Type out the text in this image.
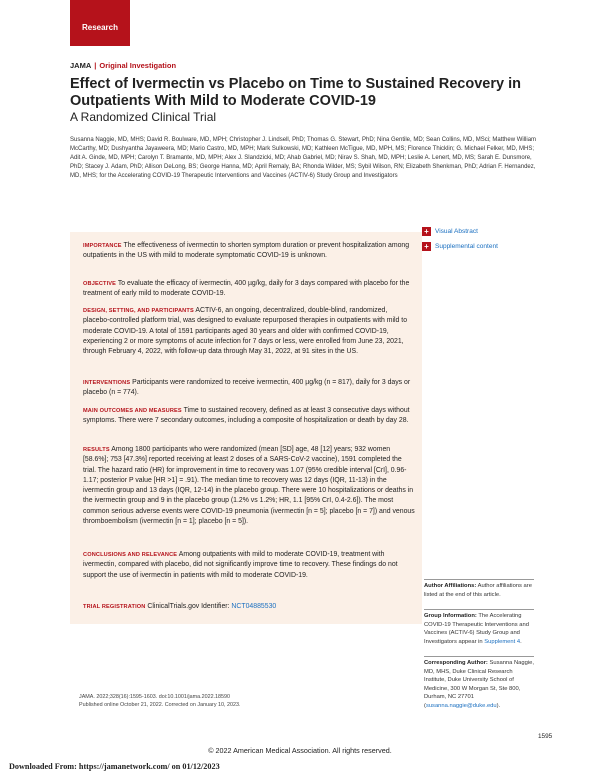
Research
JAMA | Original Investigation
Effect of Ivermectin vs Placebo on Time to Sustained Recovery in Outpatients With Mild to Moderate COVID-19
A Randomized Clinical Trial
Susanna Naggie, MD, MHS; David R. Boulware, MD, MPH; Christopher J. Lindsell, PhD; Thomas G. Stewart, PhD; Nina Gentile, MD; Sean Collins, MD, MSci; Matthew William McCarthy, MD; Dushyantha Jayaweera, MD; Mario Castro, MD, MPH; Mark Sulkowski, MD; Kathleen McTigue, MD, MPH, MS; Florence Thicklin; G. Michael Felker, MD, MHS; Adit A. Ginde, MD, MPH; Carolyn T. Bramante, MD, MPH; Alex J. Slandzicki, MD; Ahab Gabriel, MD; Nirav S. Shah, MD, MPH; Leslie A. Lenert, MD, MS; Sarah E. Dunsmore, PhD; Stacey J. Adam, PhD; Allison DeLong, BS; George Hanna, MD; April Remaly, BA; Rhonda Wilder, MS; Sybil Wilson, RN; Elizabeth Shenkman, PhD; Adrian F. Hernandez, MD, MHS; for the Accelerating COVID-19 Therapeutic Interventions and Vaccines (ACTIV-6) Study Group and Investigators

IMPORTANCE The effectiveness of ivermectin to shorten symptom duration or prevent hospitalization among outpatients in the US with mild to moderate symptomatic COVID-19 is unknown.

OBJECTIVE To evaluate the efficacy of ivermectin, 400 µg/kg, daily for 3 days compared with placebo for the treatment of early mild to moderate COVID-19.

DESIGN, SETTING, AND PARTICIPANTS ACTIV-6, an ongoing, decentralized, double-blind, randomized, placebo-controlled platform trial, was designed to evaluate repurposed therapies in outpatients with mild to moderate COVID-19. A total of 1591 participants aged 30 years and older with confirmed COVID-19, experiencing 2 or more symptoms of acute infection for 7 days or less, were enrolled from June 23, 2021, through February 4, 2022, with follow-up data through May 31, 2022, at 91 sites in the US.

INTERVENTIONS Participants were randomized to receive ivermectin, 400 µg/kg (n = 817), daily for 3 days or placebo (n = 774).

MAIN OUTCOMES AND MEASURES Time to sustained recovery, defined as at least 3 consecutive days without symptoms. There were 7 secondary outcomes, including a composite of hospitalization or death by day 28.

RESULTS Among 1800 participants who were randomized (mean [SD] age, 48 [12] years; 932 women [58.6%]; 753 [47.3%] reported receiving at least 2 doses of a SARS-CoV-2 vaccine), 1591 completed the trial. The hazard ratio (HR) for improvement in time to recovery was 1.07 (95% credible interval [CrI], 0.96-1.17; posterior P value [HR >1] = .91). The median time to recovery was 12 days (IQR, 11-13) in the ivermectin group and 13 days (IQR, 12-14) in the placebo group. There were 10 hospitalizations or deaths in the ivermectin group and 9 in the placebo group (1.2% vs 1.2%; HR, 1.1 [95% CrI, 0.4-2.6]). The most common serious adverse events were COVID-19 pneumonia (ivermectin [n = 5]; placebo [n = 7]) and venous thromboembolism (ivermectin [n = 1]; placebo [n = 5]).

CONCLUSIONS AND RELEVANCE Among outpatients with mild to moderate COVID-19, treatment with ivermectin, compared with placebo, did not significantly improve time to recovery. These findings do not support the use of ivermectin in patients with mild to moderate COVID-19.

TRIAL REGISTRATION ClinicalTrials.gov Identifier: NCT04885530

+ Visual Abstract
+ Supplemental content

Author Affiliations: Author affiliations are listed at the end of this article.

Group Information: The Accelerating COVID-19 Therapeutic Interventions and Vaccines (ACTIV-6) Study Group and Investigators appear in Supplement 4.

Corresponding Author: Susanna Naggie, MD, MHS, Duke Clinical Research Institute, Duke University School of Medicine, 300 W Morgan St, Ste 800, Durham, NC 27701 (susanna.naggie@duke.edu).

JAMA. 2022;328(16):1595-1603. doi:10.1001/jama.2022.18590
Published online October 21, 2022. Corrected on January 10, 2023.
1595
© 2022 American Medical Association. All rights reserved.
Downloaded From: https://jamanetwork.com/ on 01/12/2023
